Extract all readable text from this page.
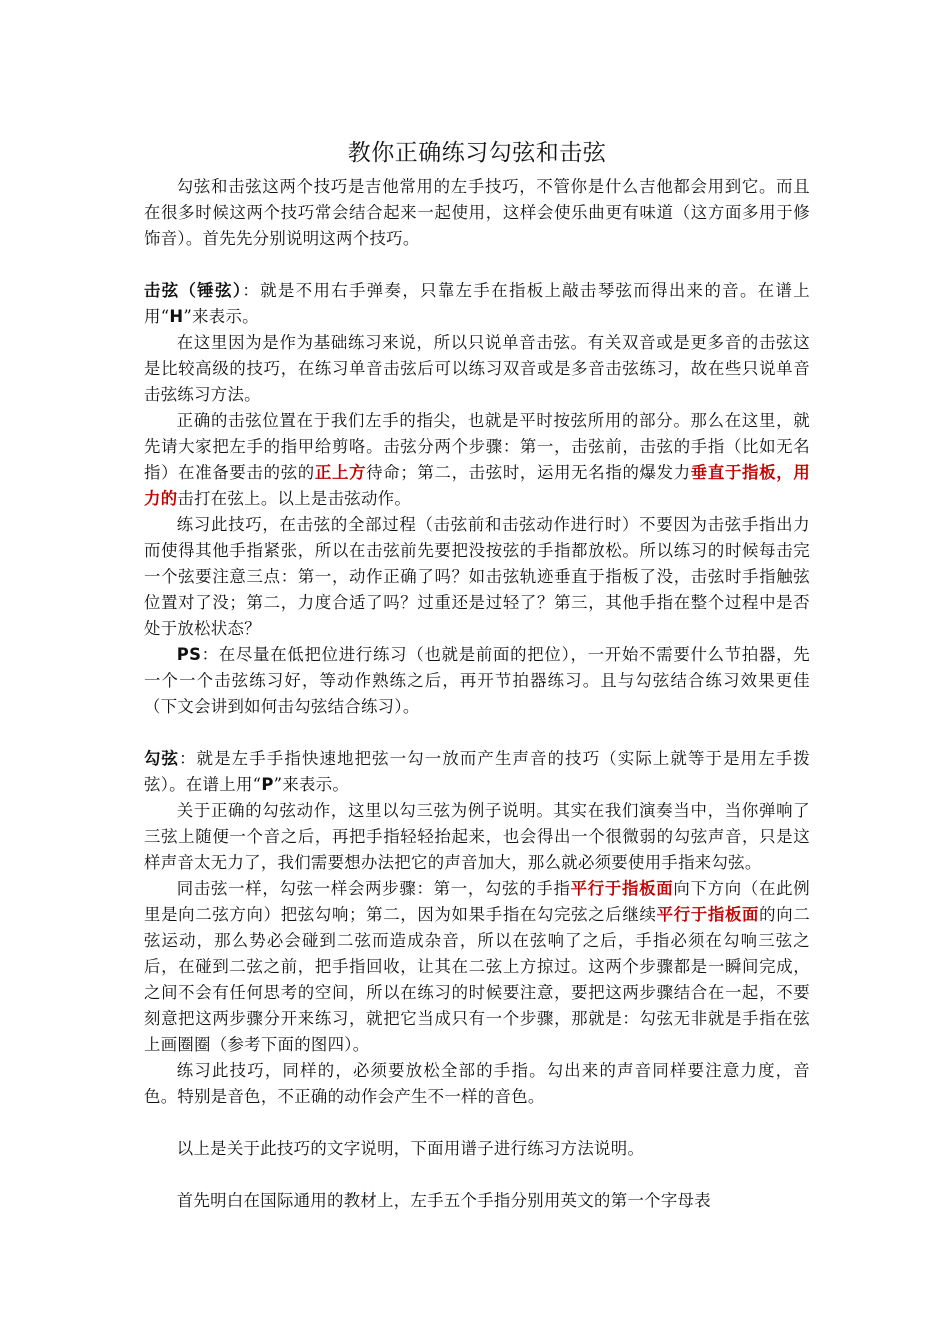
教你正确练习勾弦和击弦

勾弦和击弦这两个技巧是吉他常用的左手技巧，不管你是什么吉他都会用到它。而且在很多时候这两个技巧常会结合起来一起使用，这样会使乐曲更有味道（这方面多用于修饰音）。首先先分别说明这两个技巧。

击弦（锤弦）：就是不用右手弹奏，只靠左手在指板上敲击琴弦而得出来的音。在谱上用“H”来表示。

在这里因为是作为基础练习来说，所以只说单音击弦。有关双音或是更多音的击弦这是比较高级的技巧，在练习单音击弦后可以练习双音或是多音击弦练习，故在些只说单音击弦练习方法。

正确的击弦位置在于我们左手的指尖，也就是平时按弦所用的部分。那么在这里，就先请大家把左手的指甲给剪咯。击弦分两个步骤：第一，击弦前，击弦的手指（比如无名指）在准备要击的弦的正上方待命；第二，击弦时，运用无名指的爆发力垂直于指板，用力的击打在弦上。以上是击弦动作。

练习此技巧，在击弦的全部过程（击弦前和击弦动作进行时）不要因为击弦手指出力而使得其他手指紧张，所以在击弦前先要把没按弦的手指都放松。所以练习的时候每击完一个弦要注意三点：第一，动作正确了吗？如击弦轨迹垂直于指板了没，击弦时手指触弦位置对了没；第二，力度合适了吗？过重还是过轻了？第三，其他手指在整个过程中是否处于放松状态？

PS：在尽量在低把位进行练习（也就是前面的把位），一开始不需要什么节拍器，先一个一个击弦练习好，等动作熟练之后，再开节拍器练习。且与勾弦结合练习效果更佳（下文会讲到如何击勾弦结合练习）。

勾弦：就是左手手指快速地把弦一勾一放而产生声音的技巧（实际上就等于是用左手拨弦）。在谱上用“P”来表示。

关于正确的勾弦动作，这里以勾三弦为例子说明。其实在我们演奏当中，当你弹响了三弦上随便一个音之后，再把手指轻轻抬起来，也会得出一个很微弱的勾弦声音，只是这样声音太无力了，我们需要想办法把它的声音加大，那么就必须要使用手指来勾弦。

同击弦一样，勾弦一样会两步骤：第一，勾弦的手指平行于指板面向下方向（在此例里是向二弦方向）把弦勾响；第二，因为如果手指在勾完弦之后继续平行于指板面的向二弦运动，那么势必会碰到二弦而造成杂音，所以在弦响了之后，手指必须在勾响三弦之后，在碰到二弦之前，把手指回收，让其在二弦上方掠过。这两个步骤都是一瞬间完成，之间不会有任何思考的空间，所以在练习的时候要注意，要把这两步骤结合在一起，不要刻意把这两步骤分开来练习，就把它当成只有一个步骤，那就是：勾弦无非就是手指在弦上画圈圈（参考下面的图四）。

练习此技巧，同样的，必须要放松全部的手指。勾出来的声音同样要注意力度，音色。特别是音色，不正确的动作会产生不一样的音色。

以上是关于此技巧的文字说明，下面用谱子进行练习方法说明。

首先明白在国际通用的教材上，左手五个手指分别用英文的第一个字母表
